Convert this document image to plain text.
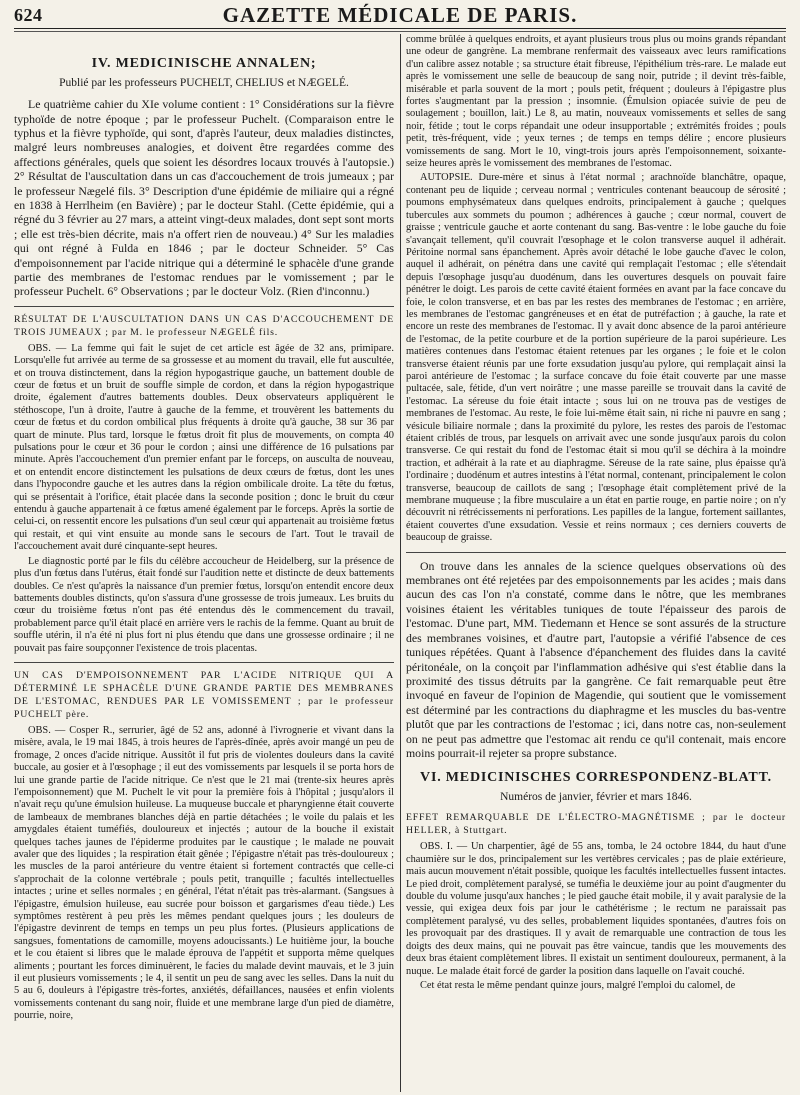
624	GAZETTE MÉDICALE DE PARIS.
IV. MEDICINISCHE ANNALEN;
Publié par les professeurs PUCHELT, CHELIUS et NÆGELÉ.

Le quatrième cahier du XIe volume contient : 1° Considérations sur la fièvre typhoïde de notre époque ; par le professeur Puchelt. (Comparaison entre le typhus et la fièvre typhoïde, qui sont, d'après l'auteur, deux maladies distinctes, malgré leurs nombreuses analogies, et doivent être regardées comme des affections générales, quels que soient les désordres locaux trouvés à l'autopsie.) 2° Résultat de l'auscultation dans un cas d'accouchement de trois jumeaux ; par le professeur Nægelé fils. 3° Description d'une épidémie de miliaire qui a régné en 1838 à Herrlheim (en Bavière) ; par le docteur Stahl. (Cette épidémie, qui a régné du 3 février au 27 mars, a atteint vingt-deux malades, dont sept sont morts ; elle est très-bien décrite, mais n'a offert rien de nouveau.) 4° Sur les maladies qui ont régné à Fulda en 1846 ; par le docteur Schneider. 5° Cas d'empoisonnement par l'acide nitrique qui a déterminé le sphacèle d'une grande partie des membranes de l'estomac rendues par le vomissement ; par le professeur Puchelt. 6° Observations ; par le docteur Volz. (Rien d'inconnu.)

RÉSULTAT DE L'AUSCULTATION DANS UN CAS D'ACCOUCHEMENT DE TROIS JUMEAUX ; par M. le professeur NÆGELÉ fils.

OBS. — La femme qui fait le sujet de cet article est âgée de 32 ans, primipare. Lorsqu'elle fut arrivée au terme de sa grossesse et au moment du travail, elle fut auscultée, et on trouva distinctement, dans la région hypogastrique gauche, un battement double de cœur de fœtus et un bruit de souffle simple de cordon, et dans la région hypogastrique droite, également d'autres battements doubles. Deux observateurs appliquèrent le stéthoscope, l'un à droite, l'autre à gauche de la femme, et trouvèrent les battements du cœur de fœtus et du cordon ombilical plus fréquents à droite qu'à gauche, 38 sur 36 par quart de minute. Plus tard, lorsque le fœtus droit fit plus de mouvements, on compta 40 pulsations pour le cœur et 36 pour le cordon ; ainsi une différence de 16 pulsations par minute. Après l'accouchement d'un premier enfant par le forceps, on ausculta de nouveau, et on entendit encore distinctement les pulsations de deux cœurs de fœtus, dont les unes dans l'hypocondre gauche et les autres dans la région ombilicale droite. La tête du fœtus, qui se présentait à l'orifice, était placée dans la seconde position ; donc le bruit du cœur entendu à gauche appartenait à ce fœtus amené également par le forceps. Après la sortie de celui-ci, on ressentit encore les pulsations d'un seul cœur qui appartenait au troisième fœtus qui restait, et qui vint ensuite au monde sans le secours de l'art. Tout le travail de l'accouchement avait duré cinquante-sept heures.

Le diagnostic porté par le fils du célèbre accoucheur de Heidelberg, sur la présence de plus d'un fœtus dans l'utérus, était fondé sur l'audition nette et distincte de deux battements doubles. Ce n'est qu'après la naissance d'un premier fœtus, lorsqu'on entendit encore deux battements doubles distincts, qu'on s'assura d'une grossesse de trois jumeaux. Les bruits du cœur du troisième fœtus n'ont pas été entendus dès le commencement du travail, probablement parce qu'il était placé en arrière vers le rachis de la femme. Quant au bruit de souffle utérin, il n'a été ni plus fort ni plus étendu que dans une grossesse ordinaire ; il ne pouvait pas faire soupçonner l'existence de trois placentas.

UN CAS D'EMPOISONNEMENT PAR L'ACIDE NITRIQUE QUI A DÉTERMINÉ LE SPHACÈLE D'UNE GRANDE PARTIE DES MEMBRANES DE L'ESTOMAC, RENDUES PAR LE VOMISSEMENT ; par le professeur PUCHELT père.

OBS. — Cosper R., serrurier, âgé de 52 ans, adonné à l'ivrognerie et vivant dans la misère, avala, le 19 mai 1845, à trois heures de l'après-dînée, après avoir mangé un peu de fromage, 2 onces d'acide nitrique. Aussitôt il fut pris de violentes douleurs dans la cavité buccale, au gosier et à l'œsophage ; il eut des vomissements par lesquels il se porta hors de lui une grande partie de l'acide nitrique. Ce n'est que le 21 mai (trente-six heures après l'empoisonnement) que M. Puchelt le vit pour la première fois à l'hôpital ; jusqu'alors il n'avait reçu qu'une émulsion huileuse. La muqueuse buccale et pharyngienne était couverte de lambeaux de membranes blanches déjà en partie détachées ; le voile du palais et les amygdales étaient tuméfiés, douloureux et injectés ; autour de la bouche il existait quelques taches jaunes de l'épiderme produites par le caustique ; le malade ne pouvait avaler que des liquides ; la respiration était gênée ; l'épigastre n'était pas très-douloureux ; les muscles de la paroi antérieure du ventre étaient si fortement contractés que celle-ci s'approchait de la colonne vertébrale ; pouls petit, tranquille ; facultés intellectuelles intactes ; urine et selles normales ; en général, l'état n'était pas très-alarmant. (Sangsues à l'épigastre, émulsion huileuse, eau sucrée pour boisson et gargarismes d'eau tiède.) Les symptômes restèrent à peu près les mêmes pendant quelques jours ; les douleurs de l'épigastre devinrent de temps en temps un peu plus fortes. (Plusieurs applications de sangsues, fomentations de camomille, moyens adoucissants.) Le huitième jour, la bouche et le cou étaient si libres que le malade éprouva de l'appétit et supporta même quelques aliments ; pourtant les forces diminuèrent, le facies du malade devint mauvais, et le 3 juin il eut plusieurs vomissements ; le 4, il sentit un peu de sang avec les selles. Dans la nuit du 5 au 6, douleurs à l'épigastre très-fortes, anxiétés, défaillances, nausées et enfin violents vomissements contenant du sang noir, fluide et une membrane large d'un pied de diamètre, pourrie, noire,

comme brûlée à quelques endroits, et ayant plusieurs trous plus ou moins grands répandant une odeur de gangrène. La membrane renfermait des vaisseaux avec leurs ramifications d'un calibre assez notable ; sa structure était fibreuse, l'épithélium très-rare. Le malade eut après le vomissement une selle de beaucoup de sang noir, putride ; il devint très-faible, misérable et parla souvent de la mort ; pouls petit, fréquent ; douleurs à l'épigastre plus fortes s'augmentant par la pression ; insomnie. (Émulsion opiacée suivie de peu de soulagement ; bouillon, lait.) Le 8, au matin, nouveaux vomissements et selles de sang noir, fétide ; tout le corps répandait une odeur insupportable ; extrémités froides ; pouls petit, très-fréquent, vide ; yeux ternes ; de temps en temps délire ; encore plusieurs vomissements de sang. Mort le 10, vingt-trois jours après l'empoisonnement, soixante-seize heures après le vomissement des membranes de l'estomac.

AUTOPSIE. Dure-mère et sinus à l'état normal ; arachnoïde blanchâtre, opaque, contenant peu de liquide ; cerveau normal ; ventricules contenant beaucoup de sérosité ; poumons emphysémateux dans quelques endroits, principalement à gauche ; quelques tubercules aux sommets du poumon ; adhérences à gauche ; cœur normal, couvert de graisse ; ventricule gauche et aorte contenant du sang. Bas-ventre : le lobe gauche du foie s'avançait tellement, qu'il couvrait l'œsophage et le colon transverse auquel il adhérait. Péritoine normal sans épanchement. Après avoir détaché le lobe gauche d'avec le colon, auquel il adhérait, on pénétra dans une cavité qui remplaçait l'estomac ; elle s'étendait depuis l'œsophage jusqu'au duodénum, dans les ouvertures desquels on pouvait faire pénétrer le doigt. Les parois de cette cavité étaient formées en avant par la face concave du foie, le colon transverse, et en bas par les restes des membranes de l'estomac ; en arrière, les membranes de l'estomac gangréneuses et en état de putréfaction ; à gauche, la rate et encore un reste des membranes de l'estomac. Il y avait donc absence de la paroi antérieure de l'estomac, de la petite courbure et de la portion supérieure de la paroi supérieure. Les matières contenues dans l'estomac étaient retenues par les organes ; le foie et le colon transverse étaient réunis par une forte exsudation jusqu'au pylore, qui remplaçait ainsi la paroi antérieure de l'estomac ; la surface concave du foie était couverte par une masse pultacée, sale, fétide, d'un vert noirâtre ; une masse pareille se trouvait dans la cavité de l'estomac. La séreuse du foie était intacte ; sous lui on ne trouva pas de vestiges de membranes de l'estomac. Au reste, le foie lui-même était sain, ni riche ni pauvre en sang ; vésicule biliaire normale ; dans la proximité du pylore, les restes des parois de l'estomac étaient criblés de trous, par lesquels on arrivait avec une sonde jusqu'aux parois du colon transverse. Ce qui restait du fond de l'estomac était si mou qu'il se déchira à la moindre traction, et adhérait à la rate et au diaphragme. Séreuse de la rate saine, plus épaisse qu'à l'ordinaire ; duodénum et autres intestins à l'état normal, contenant, principalement le colon transverse, beaucoup de caillots de sang ; l'œsophage était complètement privé de la membrane muqueuse ; la fibre musculaire a un état en partie rouge, en partie noire ; on n'y découvrit ni rétrécissements ni perforations. Les papilles de la langue, fortement saillantes, étaient couvertes d'une exsudation. Vessie et reins normaux ; ces derniers couverts de beaucoup de graisse.

On trouve dans les annales de la science quelques observations où des membranes ont été rejetées par des empoisonnements par les acides ; mais dans aucun des cas l'on n'a constaté, comme dans le nôtre, que les membranes voisines étaient les véritables tuniques de toute l'épaisseur des parois de l'estomac. D'une part, MM. Tiedemann et Hence se sont assurés de la structure des membranes voisines, et d'autre part, l'autopsie a vérifié l'absence de ces tuniques répétées. Quant à l'absence d'épanchement des fluides dans la cavité péritonéale, on la conçoit par l'inflammation adhésive qui s'est établie dans la proximité des tissus détruits par la gangrène. Ce fait remarquable peut être invoqué en faveur de l'opinion de Magendie, qui soutient que le vomissement est déterminé par les contractions du diaphragme et les muscles du bas-ventre plutôt que par les contractions de l'estomac ; ici, dans notre cas, non-seulement on ne peut pas admettre que l'estomac ait rendu ce qu'il contenait, mais encore moins pourrait-il rejeter sa propre substance.

VI. MEDICINISCHES CORRESPONDENZ-BLATT.
Numéros de janvier, février et mars 1846.
EFFET REMARQUABLE DE L'ÉLECTRO-MAGNÉTISME ; par le docteur HELLER, à Stuttgart.

OBS. I. — Un charpentier, âgé de 55 ans, tomba, le 24 octobre 1844, du haut d'une chaumière sur le dos, principalement sur les vertèbres cervicales ; pas de plaie extérieure, mais aucun mouvement n'était possible, quoique les facultés intellectuelles fussent intactes. Le pied droit, complètement paralysé, se tuméfia le deuxième jour au point d'augmenter du double du volume jusqu'aux hanches ; le pied gauche était mobile, il y avait paralysie de la vessie, qui exigea deux fois par jour le cathétérisme ; le rectum ne paraissait pas complètement paralysé, vu des selles, probablement liquides spontanées, d'autres fois on les provoquait par des drastiques. Il y avait de remarquable une contraction de tous les doigts des deux mains, qui ne pouvait pas être vaincue, tandis que les mouvements des deux bras étaient complètement libres. Il existait un sentiment douloureux, permanent, à la nuque. Le malade était forcé de garder la position dans laquelle on l'avait couché.

Cet état resta le même pendant quinze jours, malgré l'emploi du calomel, de
